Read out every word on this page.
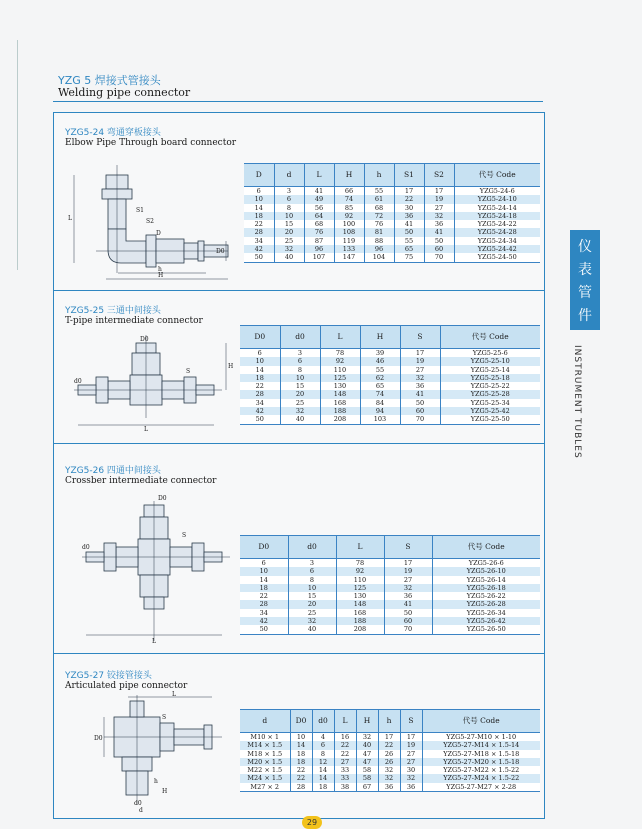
YZG 5 焊接式管接头
Welding pipe connector
仪
表
管
件
INSTRUMENT TUBLES
YZG5-24 弯通穿板接头
Elbow Pipe Through board connector
L
S1
S2
D
D0
h
H
D	d	L	H	h	S1	S2	代号 Code
6	3	41	66	55	17	17	YZG5-24-6
10	6	49	74	61	22	19	YZG5-24-10
14	8	56	85	68	30	27	YZG5-24-14
18	10	64	92	72	36	32	YZG5-24-18
22	15	68	100	76	41	36	YZG5-24-22
28	20	76	108	81	50	41	YZG5-24-28
34	25	87	119	88	55	50	YZG5-24-34
42	32	96	133	96	65	60	YZG5-24-42
50	40	107	147	104	75	70	YZG5-24-50
YZG5-25 三通中间接头
T-pipe intermediate connector
D0
S
H
d0
L
D0	d0	L	H	S	代号 Code
6	3	78	39	17	YZG5-25-6
10	6	92	46	19	YZG5-25-10
14	8	110	55	27	YZG5-25-14
18	10	125	62	32	YZG5-25-18
22	15	130	65	36	YZG5-25-22
28	20	148	74	41	YZG5-25-28
34	25	168	84	50	YZG5-25-34
42	32	188	94	60	YZG5-25-42
50	40	208	103	70	YZG5-25-50
YZG5-26 四通中间接头
Crossber intermediate connector
D0
S
d0
L
D0	d0	L	S	代号 Code
6	3	78	17	YZG5-26-6
10	6	92	19	YZG5-26-10
14	8	110	27	YZG5-26-14
18	10	125	32	YZG5-26-18
22	15	130	36	YZG5-26-22
28	20	148	41	YZG5-26-28
34	25	168	50	YZG5-26-34
42	32	188	60	YZG5-26-42
50	40	208	70	YZG5-26-50
YZG5-27 铰接管接头
Articulated pipe connector
L
D0
S
h
H
d0
d
d	D0	d0	L	H	h	S	代号 Code
M10 × 1	10	4	16	32	17	17	YZG5-27-M10 × 1-10
M14 × 1.5	14	6	22	40	22	19	YZG5-27-M14 × 1.5-14
M18 × 1.5	18	8	22	47	26	27	YZG5-27-M18 × 1.5-18
M20 × 1.5	18	12	27	47	26	27	YZG5-27-M20 × 1.5-18
M22 × 1.5	22	14	33	58	32	30	YZG5-27-M22 × 1.5-22
M24 × 1.5	22	14	33	58	32	32	YZG5-27-M24 × 1.5-22
M27 × 2	28	18	38	67	36	36	YZG5-27-M27 × 2-28
29
